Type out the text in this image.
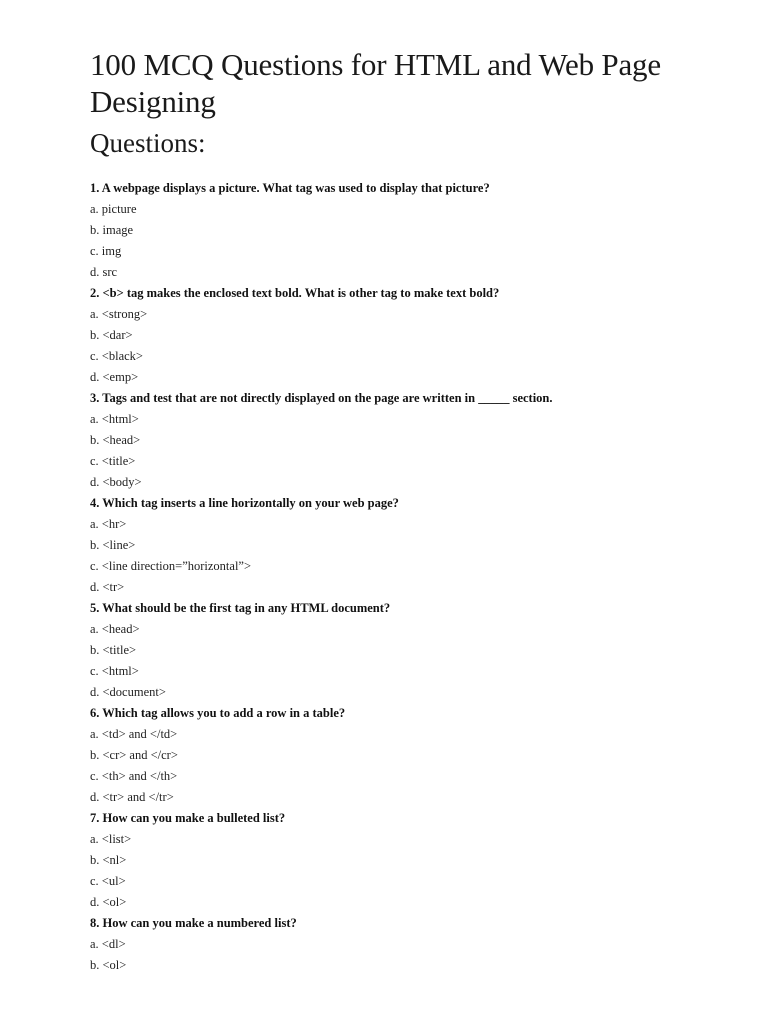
100 MCQ Questions for HTML and Web Page Designing
Questions:
1. A webpage displays a picture. What tag was used to display that picture?
a. picture
b. image
c. img
d. src
2. <b> tag makes the enclosed text bold. What is other tag to make text bold?
a. <strong>
b. <dar>
c. <black>
d. <emp>
3. Tags and test that are not directly displayed on the page are written in _____ section.
a. <html>
b. <head>
c. <title>
d. <body>
4. Which tag inserts a line horizontally on your web page?
a. <hr>
b. <line>
c. <line direction=”horizontal”>
d. <tr>
5. What should be the first tag in any HTML document?
a. <head>
b. <title>
c. <html>
d. <document>
6. Which tag allows you to add a row in a table?
a. <td> and </td>
b. <cr> and </cr>
c. <th> and </th>
d. <tr> and </tr>
7. How can you make a bulleted list?
a. <list>
b. <nl>
c. <ul>
d. <ol>
8. How can you make a numbered list?
a. <dl>
b. <ol>
